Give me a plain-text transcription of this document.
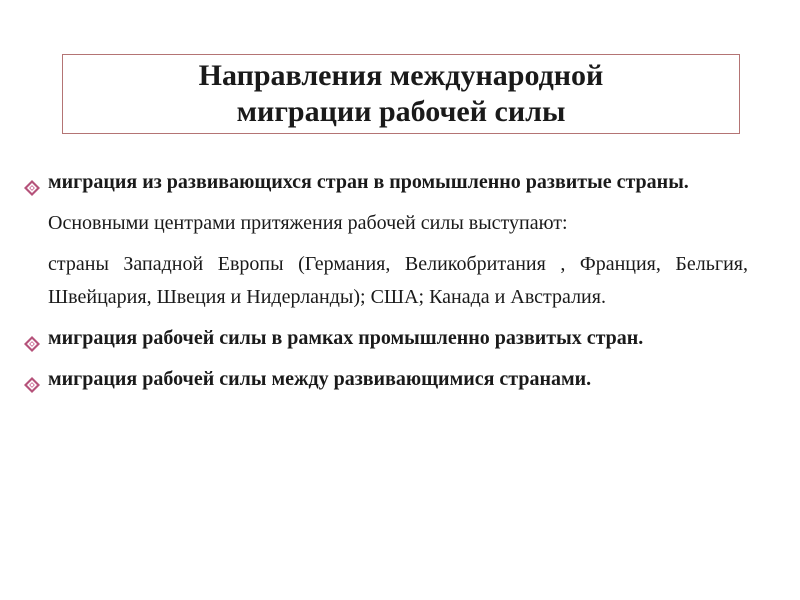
Направления международной
миграции рабочей силы
миграция из развивающихся стран в промышленно развитые страны.
Основными центрами притяжения рабочей силы выступают:
страны Западной Европы (Германия, Великобритания , Франция, Бельгия, Швейцария, Швеция и Нидерланды); США; Канада и Австралия.
миграция рабочей силы в рамках промышленно развитых стран.
миграция рабочей силы между развивающимися странами.
